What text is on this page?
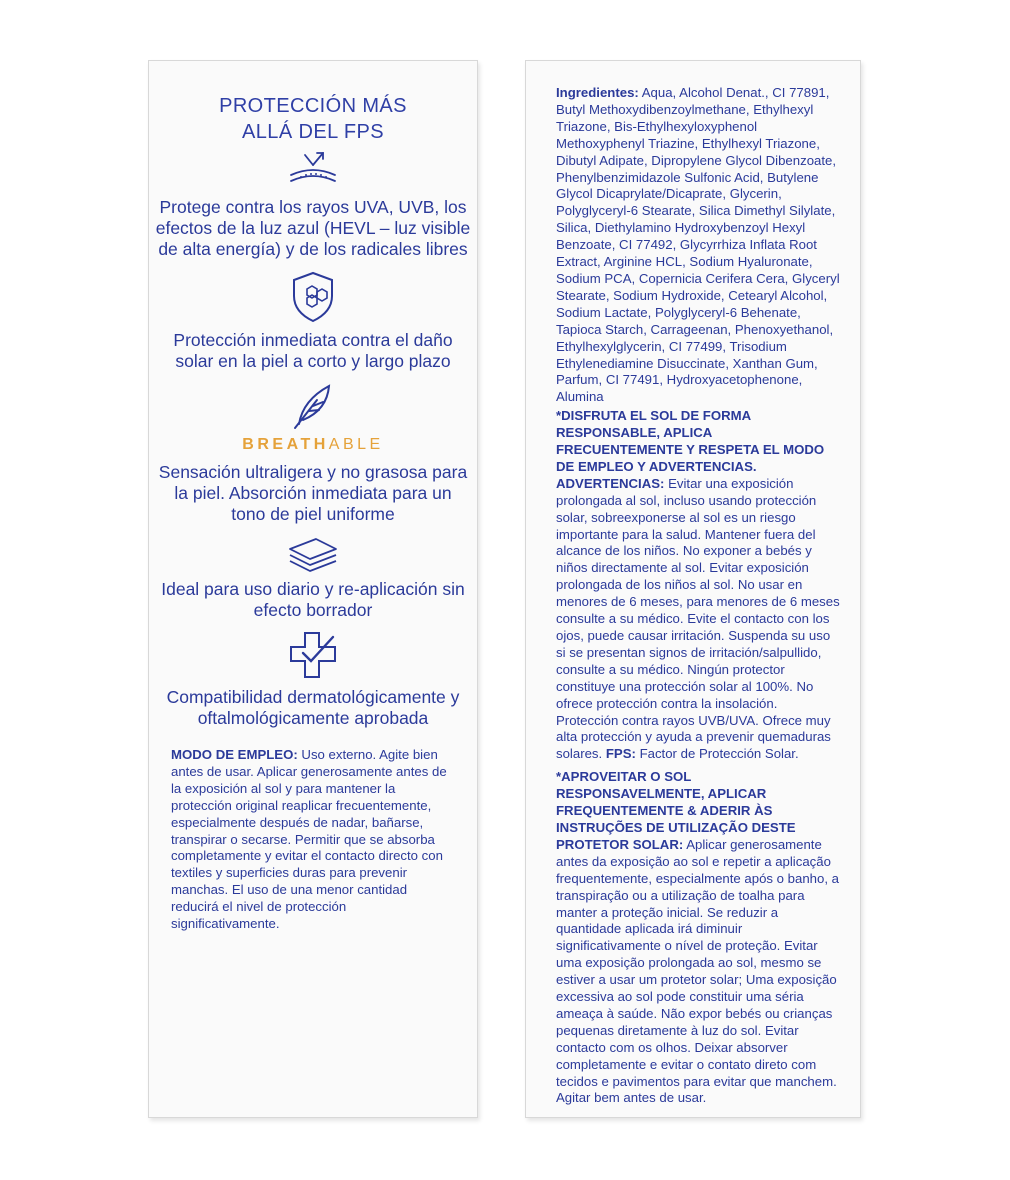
PROTECCIÓN MÁS
ALLÁ DEL FPS
Protege contra los rayos UVA, UVB, los efectos de la luz azul (HEVL – luz visible de alta energía) y de los radicales libres
Protección inmediata contra el daño solar en la piel a corto y largo plazo
BREATHABLE
Sensación ultraligera y no grasosa para la piel. Absorción inmediata para un tono de piel uniforme
Ideal para uso diario y re-aplicación sin efecto borrador
Compatibilidad dermatológicamente y oftalmológicamente aprobada

MODO DE EMPLEO: Uso externo. Agite bien antes de usar. Aplicar generosamente antes de la exposición al sol y para mantener la protección original reaplicar frecuentemente, especialmente después de nadar, bañarse, transpirar o secarse. Permitir que se absorba completamente y evitar el contacto directo con textiles y superficies duras para prevenir manchas. El uso de una menor cantidad reducirá el nivel de protección significativamente.

Ingredientes: Aqua, Alcohol Denat., CI 77891, Butyl Methoxydibenzoylmethane, Ethylhexyl Triazone, Bis-Ethylhexyloxyphenol Methoxyphenyl Triazine, Ethylhexyl Triazone, Dibutyl Adipate, Dipropylene Glycol Dibenzoate, Phenylbenzimidazole Sulfonic Acid, Butylene Glycol Dicaprylate/Dicaprate, Glycerin, Polyglyceryl-6 Stearate, Silica Dimethyl Silylate, Silica, Diethylamino Hydroxybenzoyl Hexyl Benzoate, CI 77492, Glycyrrhiza Inflata Root Extract, Arginine HCL, Sodium Hyaluronate, Sodium PCA, Copernicia Cerifera Cera, Glyceryl Stearate, Sodium Hydroxide, Cetearyl Alcohol, Sodium Lactate, Polyglyceryl-6 Behenate, Tapioca Starch, Carrageenan, Phenoxyethanol, Ethylhexylglycerin, CI 77499, Trisodium Ethylenediamine Disuccinate, Xanthan Gum, Parfum, CI 77491, Hydroxyacetophenone, Alumina

*DISFRUTA EL SOL DE FORMA RESPONSABLE, APLICA FRECUENTEMENTE Y RESPETA EL MODO DE EMPLEO Y ADVERTENCIAS. ADVERTENCIAS: Evitar una exposición prolongada al sol, incluso usando protección solar, sobreexponerse al sol es un riesgo importante para la salud. Mantener fuera del alcance de los niños. No exponer a bebés y niños directamente al sol. Evitar exposición prolongada de los niños al sol. No usar en menores de 6 meses, para menores de 6 meses consulte a su médico. Evite el contacto con los ojos, puede causar irritación. Suspenda su uso si se presentan signos de irritación/salpullido, consulte a su médico. Ningún protector constituye una protección solar al 100%. No ofrece protección contra la insolación. Protección contra rayos UVB/UVA. Ofrece muy alta protección y ayuda a prevenir quemaduras solares. FPS: Factor de Protección Solar.

*APROVEITAR O SOL RESPONSAVELMENTE, APLICAR FREQUENTEMENTE & ADERIR ÀS INSTRUÇÕES DE UTILIZAÇÃO DESTE PROTETOR SOLAR: Aplicar generosamente antes da exposição ao sol e repetir a aplicação frequentemente, especialmente após o banho, a transpiração ou a utilização de toalha para manter a proteção inicial. Se reduzir a quantidade aplicada irá diminuir significativamente o nível de proteção. Evitar uma exposição prolongada ao sol, mesmo se estiver a usar um protetor solar; Uma exposição excessiva ao sol pode constituir uma séria ameaça à saúde. Não expor bebés ou crianças pequenas diretamente à luz do sol. Evitar contacto com os olhos. Deixar absorver completamente e evitar o contato direto com tecidos e pavimentos para evitar que manchem. Agitar bem antes de usar.
